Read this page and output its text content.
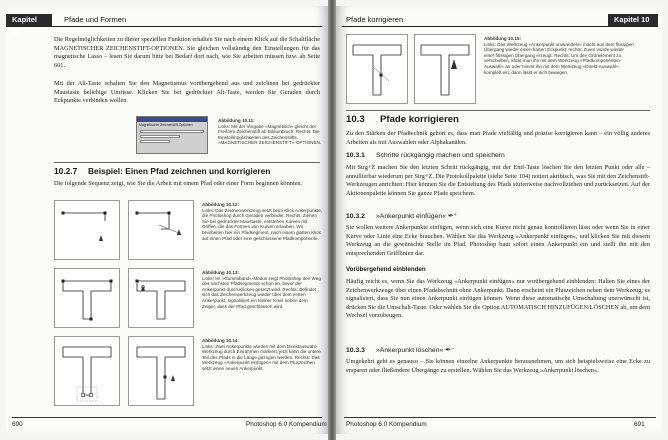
Kapitel 10
Pfade und Formen
Die Regelmöglichkeiten zu dieser speziellen Funktion erhalten Sie nach einem Klick auf die Schaltfläche MAGNETISCHER ZEICHENSTIFT-OPTIONEN. Sie gleichen vollständig den Einstellungen für das magnetische Lasso – lesen Sie darum bitte bei Bedarf dort nach, wie Sie arbeiten müssen bzw. ab Seite 601.
Mit der Alt-Taste schalten Sie den Magnetismus vorübergehend aus und zeichnen bei gedrückter Maustaste beliebige Umrisse. Klicken Sie bei gedrückter Alt-Taste, werden Sie Geraden durch Eckpunkte verbinden wollen.
Magnetischer Zeichenstift-Optionen
Abbildung 10.11:
Links: Mit der Vorgabe »Magnetisch« gleicht der Freiform-Zeichenstift ab Bildumbruch. Rechts: Die Einstellmöglichkeiten des Zeichenstifts. »MAGNETISCHER ZEICHENSTIFT«-OPTIONEN.
10.2.7 Beispiel: Einen Pfad zeichnen und korrigieren
Die folgende Sequenz zeigt, wie Sie die Arbeit mit einem Pfad oder einer Form beginnen könnten.
Abbildung 10.12:
Links: Das Zeichenwerkzeug setzt beim Klick Ankerpunkte, die Photoshop durch Geraden verbindet. Rechts: Ziehen Sie bei gedrückter Maustaste, entstehen Kurven mit Griffen, die das Formen von Kurven erlauben. Wir bearbeiten hier ein Pfadsegment, nach einem glatten Klick auf einen Pfad oder eine geschlossene Pfadkomponente.
Abbildung 10.13:
Links: Im »Gummiband«-Modus zeigt Photoshop den Weg des nächsten Pfadsegments schon an, bevor der Ankerpunkt durch Klicken gesetzt wird. Rechts: Befindet sich das Zeichenwerkzeug wieder über dem ersten Ankerpunkt, signalisiert ein kleiner Kreis neben dem Zeiger, dass der Pfad geschlossen wird.
Abbildung 10.14:
Links: Zwei Ankerpunkte wurden mit dem Direktauswahl-Werkzeug durch Einrahmen markiert, jetzt kann die untere Teil des Pfads in die Länge gezogen werden. Rechts: Das Werkzeug »Ankerpunkt einfügen« mit dem Pluszeichen setzt einen neuen Ankerpunkt.
690	Photoshop 6.0 Kompendium
Pfade korrigieren	Kapitel 10
Abbildung 10.15:
Links: Das Werkzeug »Ankerpunkt umwandeln« macht aus dem flüssigen Übergang wieder einen harten Eckpunkt; rechts: Zuvor wurde wieder einer flüssigen Übergang erzeugt. Rechts: Um den Grünelement zu verschieben, klickt man ihn mit dem Werkzeug »Pfadkomponenten-Auswahl« an oder nimmt ihn mit dem Werkzeug »Direkt-Auswahl« komplett ein; dann lässt er sich bewegen.
10.3 Pfade korrigieren
Zu den Stärken der Pfadtechnik gehört es, dass man Pfade vielfältig und präzise korrigieren kann – ein völlig anderes Arbeiten als mit Auswahlen oder Alphakanälen.
10.3.1 Schritte rückgängig machen und speichern
Mit Strg+Z machen Sie den letzten Schritt rückgängig, mit der Entf-Taste löschen Sie den letzten Punkt oder alle – annullierbar wiederum per Strg+Z. Die Protokollpalette (siehe Seite 104) notiert akribisch, was Sie mit den Zeichenstift-Werkzeugen anrichten: Hier können Sie die Entstehung des Pfads stufenweise nachvollziehen und zurücksetzen. Auf der Aktionenpalette können Sie ganze Pfade speichern.
10.3.2 »Ankerpunkt einfügen« ✒⁺
Sie wollen weitere Ankerpunkte einfügen, wenn sich eine Kurve nicht genau kontrollieren lässt oder wenn Sie in einer Kurve oder Linie eine Ecke brauchen. Wählen Sie das Werkzeug »Ankerpunkt einfügen«, und klicken Sie mit diesem Werkzeug an die gewünschte Stelle im Pfad. Photoshop baut sofort einen Ankerpunkt ein und stellt ihn mit den entsprechenden Grifflinien dar.
Vorübergehend einblenden
Häufig reicht es, wenn Sie das Werkzeug »Ankerpunkt einfügen« nur vorübergehend einblenden: Halten Sie eines der Zeichenwerkzeuge über einen Pfadabschnitt ohne Ankerpunkt. Dann erscheint ein Pluszeichen neben dem Werkzeug; es signalisiert, dass Sie nun einen Ankerpunkt einfügen können. Wenn diese automatische Umschaltung unerwünscht ist, drücken Sie die Umschalt-Taste. Oder wählen Sie die Option AUTOMATISCH HINZUFÜGEN/LÖSCHEN ab, um dem Wechsel vorzubeugen.
10.3.3 »Ankerpunkt löschen« ✒⁻
Umgekehrt geht es genauso – Sie können einzelne Ankerpunkte herausnehmen, um sich beispielsweise eine Ecke zu ersparen oder fließendere Übergänge zu erstellen. Wählen Sie das Werkzeug »Ankerpunkt löschen«.
Photoshop 6.0 Kompendium	691
